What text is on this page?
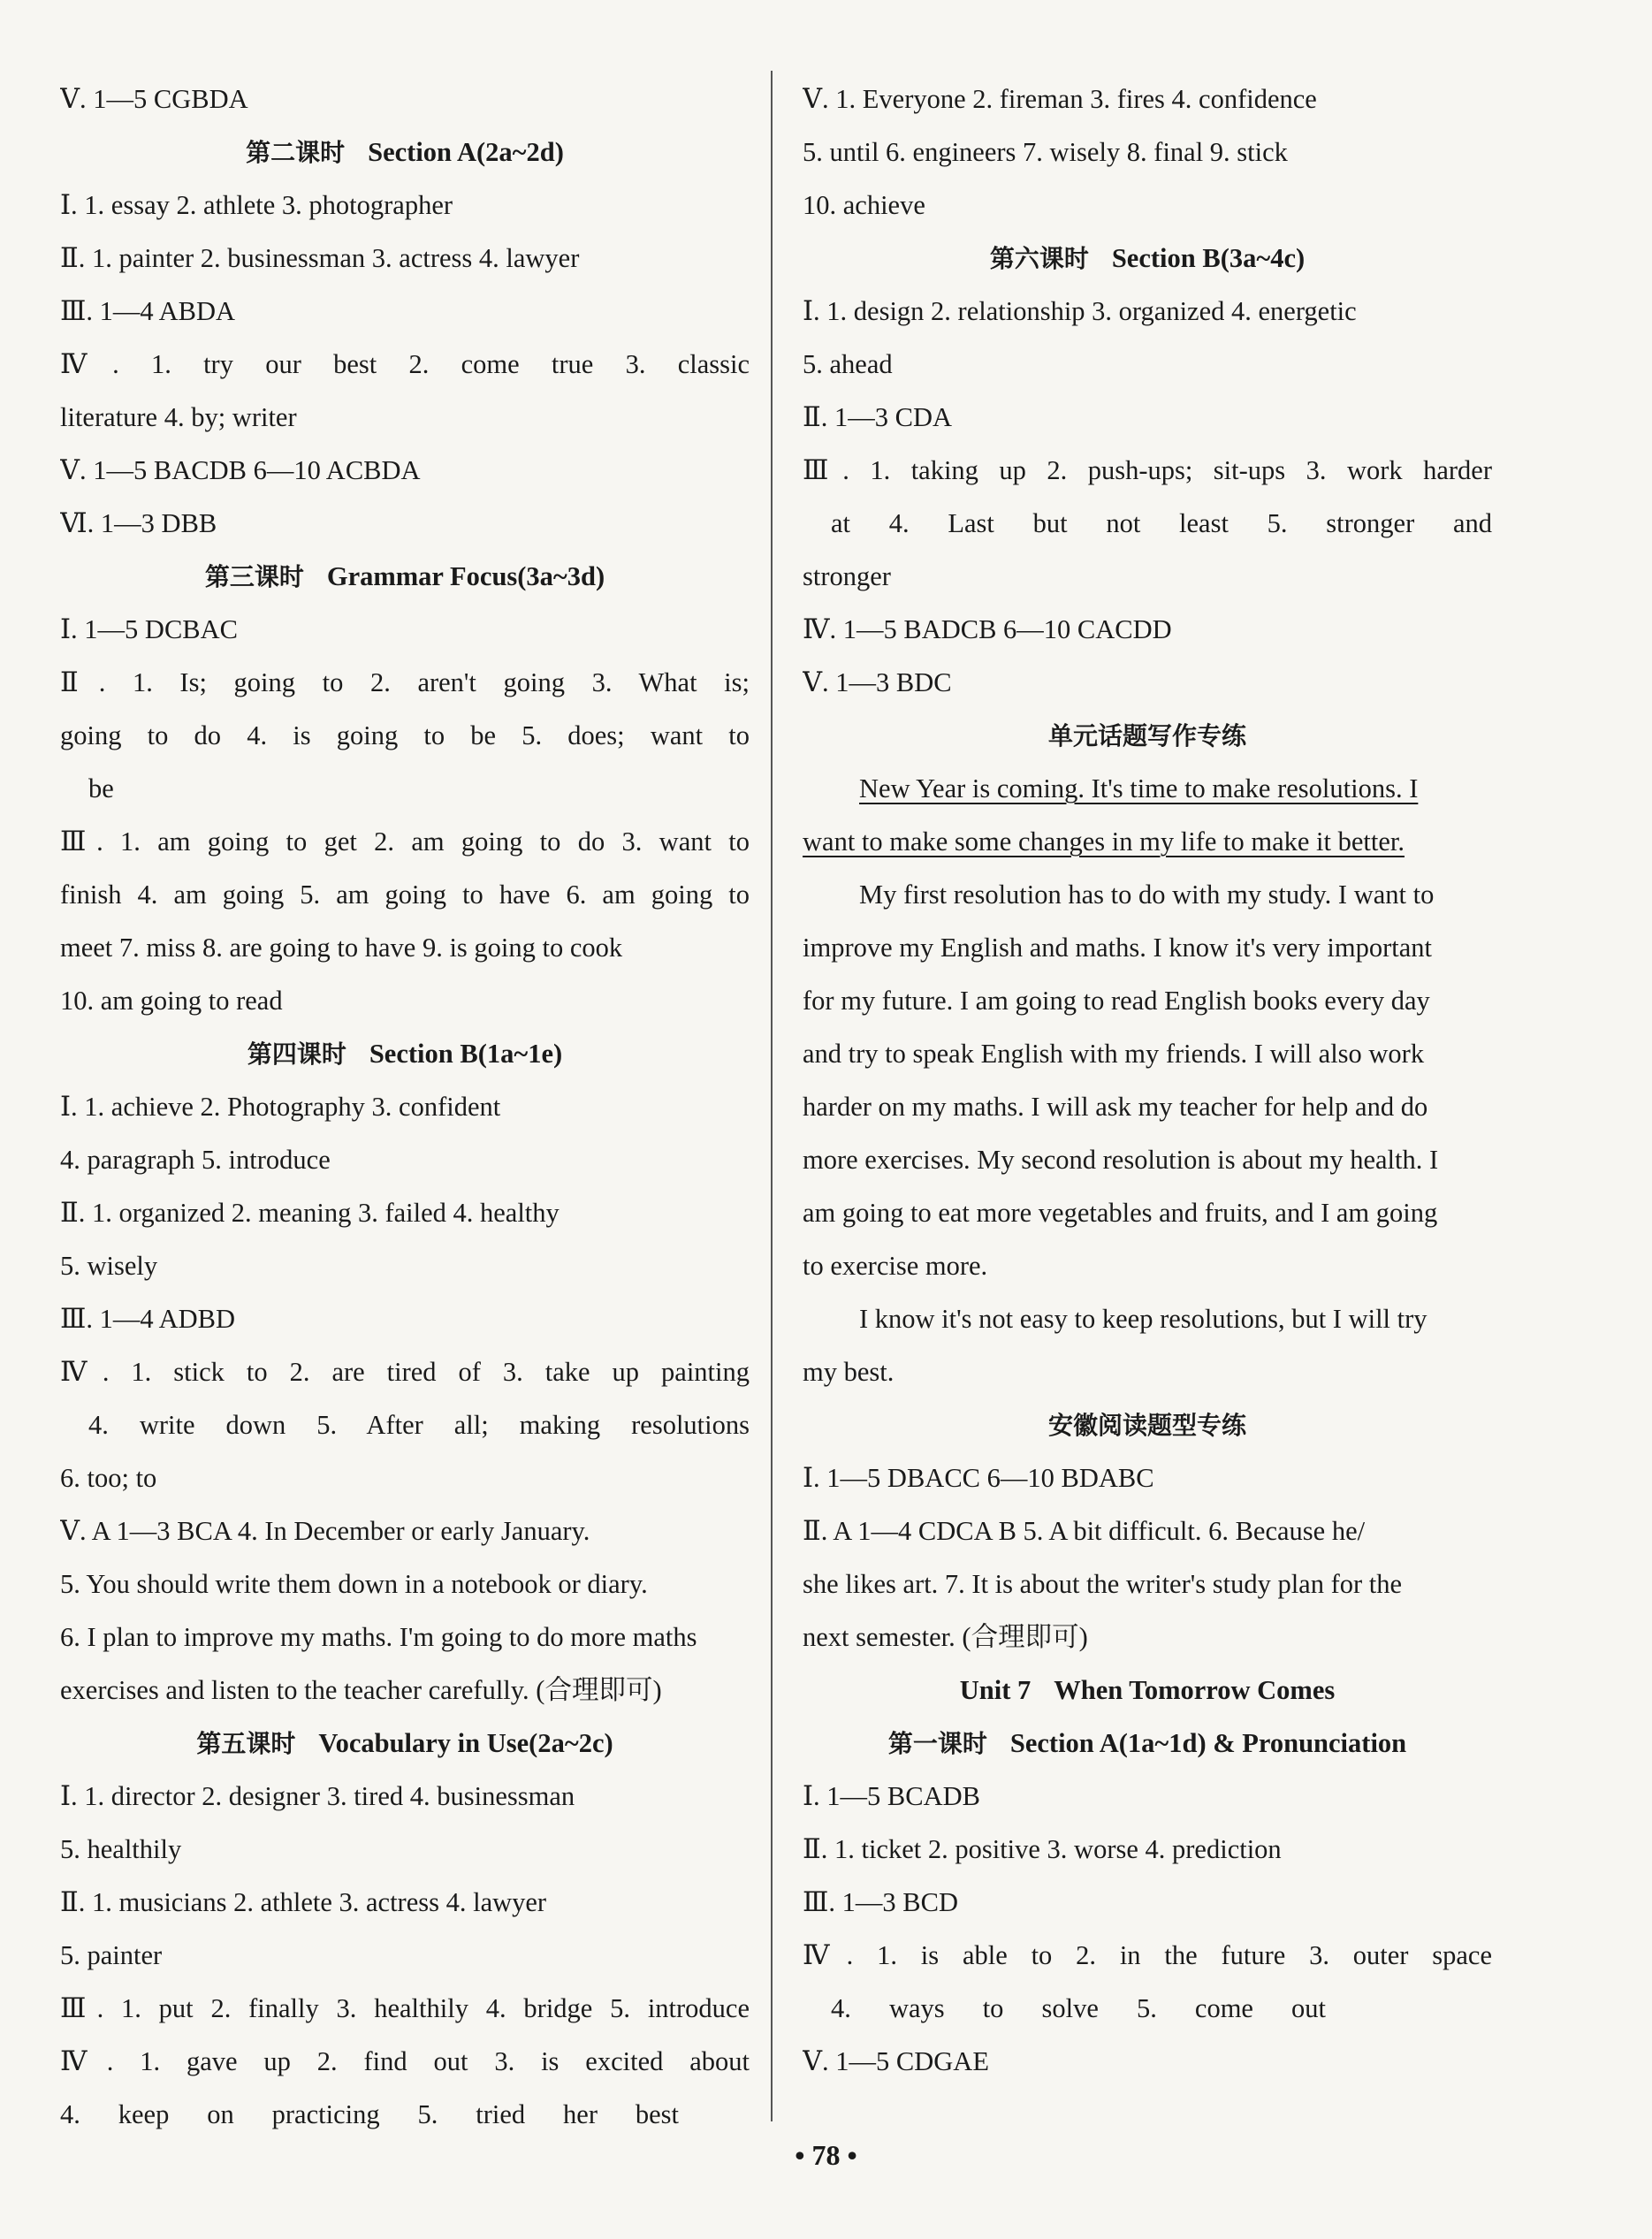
Ⅴ. 1—5 CGBDA
第二课时 Section A(2a~2d)
Ⅰ. 1. essay 2. athlete 3. photographer
Ⅱ. 1. painter 2. businessman 3. actress 4. lawyer
Ⅲ. 1—4 ABDA
Ⅳ. 1. try our best 2. come true 3. classic
literature 4. by; writer
Ⅴ. 1—5 BACDB 6—10 ACBDA
Ⅵ. 1—3 DBB
第三课时 Grammar Focus(3a~3d)
Ⅰ. 1—5 DCBAC
Ⅱ. 1. Is; going to 2. aren't going 3. What is;
going to do 4. is going to be 5. does; want to
be
Ⅲ. 1. am going to get 2. am going to do 3. want to
finish 4. am going 5. am going to have 6. am going to
meet 7. miss 8. are going to have 9. is going to cook
10. am going to read
第四课时 Section B(1a~1e)
Ⅰ. 1. achieve 2. Photography 3. confident
4. paragraph 5. introduce
Ⅱ. 1. organized 2. meaning 3. failed 4. healthy
5. wisely
Ⅲ. 1—4 ADBD
Ⅳ. 1. stick to 2. are tired of 3. take up painting
4. write down 5. After all; making resolutions
6. too; to
Ⅴ. A 1—3 BCA 4. In December or early January.
5. You should write them down in a notebook or diary.
6. I plan to improve my maths. I'm going to do more maths
exercises and listen to the teacher carefully. (合理即可)
第五课时 Vocabulary in Use(2a~2c)
Ⅰ. 1. director 2. designer 3. tired 4. businessman
5. healthily
Ⅱ. 1. musicians 2. athlete 3. actress 4. lawyer
5. painter
Ⅲ. 1. put 2. finally 3. healthily 4. bridge 5. introduce
Ⅳ. 1. gave up 2. find out 3. is excited about
4. keep on practicing 5. tried her best
Ⅴ. 1. Everyone 2. fireman 3. fires 4. confidence
5. until 6. engineers 7. wisely 8. final 9. stick
10. achieve
第六课时 Section B(3a~4c)
Ⅰ. 1. design 2. relationship 3. organized 4. energetic
5. ahead
Ⅱ. 1—3 CDA
Ⅲ. 1. taking up 2. push-ups; sit-ups 3. work harder
at 4. Last but not least 5. stronger and
stronger
Ⅳ. 1—5 BADCB 6—10 CACDD
Ⅴ. 1—3 BDC
单元话题写作专练
New Year is coming. It's time to make resolutions. I
want to make some changes in my life to make it better.
My first resolution has to do with my study. I want to
improve my English and maths. I know it's very important
for my future. I am going to read English books every day
and try to speak English with my friends. I will also work
harder on my maths. I will ask my teacher for help and do
more exercises. My second resolution is about my health. I
am going to eat more vegetables and fruits, and I am going
to exercise more.
I know it's not easy to keep resolutions, but I will try
my best.
安徽阅读题型专练
Ⅰ. 1—5 DBACC 6—10 BDABC
Ⅱ. A 1—4 CDCA B 5. A bit difficult. 6. Because he/
she likes art. 7. It is about the writer's study plan for the
next semester. (合理即可)
Unit 7 When Tomorrow Comes
第一课时 Section A(1a~1d) & Pronunciation
Ⅰ. 1—5 BCADB
Ⅱ. 1. ticket 2. positive 3. worse 4. prediction
Ⅲ. 1—3 BCD
Ⅳ. 1. is able to 2. in the future 3. outer space
4. ways to solve 5. come out
Ⅴ. 1—5 CDGAE
• 78 •
